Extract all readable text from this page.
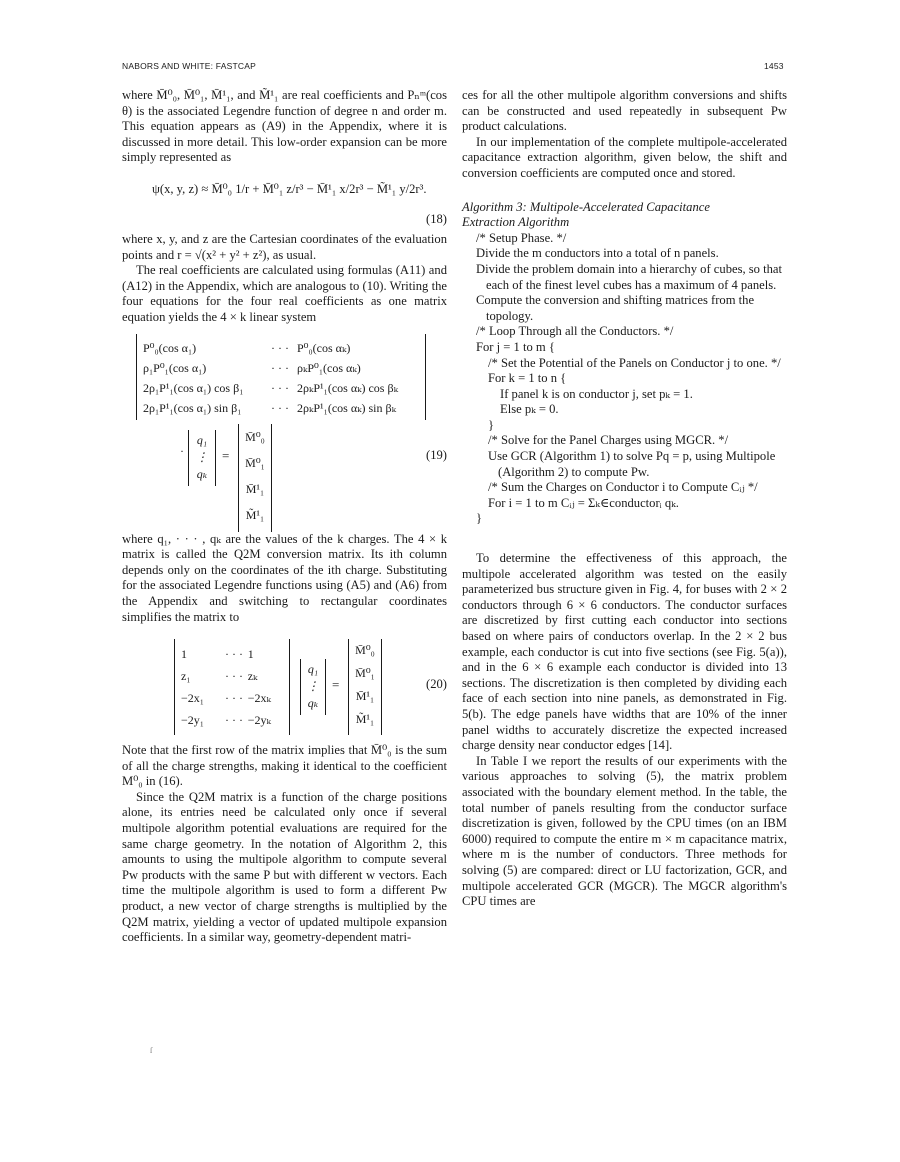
NABORS AND WHITE: FASTCAP	1453

where M̄⁰₀, M̄⁰₁, M̄¹₁, and M̃¹₁ are real coefficients and Pₙᵐ(cos θ) is the associated Legendre function of degree n and order m. This equation appears as (A9) in the Appendix, where it is discussed in more detail. This low-order expansion can be more simply represented as

ψ(x, y, z) ≈ M̄⁰₀ 1/r + M̄⁰₁ z/r³ − M̄¹₁ x/2r³ − M̃¹₁ y/2r³.
(18)

where x, y, and z are the Cartesian coordinates of the evaluation points and r = √(x² + y² + z²), as usual.

The real coefficients are calculated using formulas (A11) and (A12) in the Appendix, which are analogous to (10). Writing the four equations for the four real coefficients as one matrix equation yields the 4 × k linear system

P⁰₀(cos α₁)	· · · P⁰₀(cos αₖ)
ρ₁P⁰₁(cos α₁)	· · · ρₖP⁰₁(cos αₖ)
2ρ₁P¹₁(cos α₁) cos β₁	· · · 2ρₖP¹₁(cos αₖ) cos βₖ
2ρ₁P¹₁(cos α₁) sin β₁	· · · 2ρₖP¹₁(cos αₖ) sin βₖ
·
q₁
⋮
qₖ
=
M̄⁰₀
M̄⁰₁
M̄¹₁
M̃¹₁
(19)

where q₁, · · · , qₖ are the values of the k charges. The 4 × k matrix is called the Q2M conversion matrix. Its ith column depends only on the coordinates of the ith charge. Substituting for the associated Legendre functions using (A5) and (A6) from the Appendix and switching to rectangular coordinates simplifies the matrix to

1	· · · 1
z₁	· · · zₖ
−2x₁	· · · −2xₖ
−2y₁	· · · −2yₖ
q₁
⋮
qₖ
=
M̄⁰₀
M̄⁰₁
M̄¹₁
M̃¹₁
(20)

Note that the first row of the matrix implies that M̄⁰₀ is the sum of all the charge strengths, making it identical to the coefficient M⁰₀ in (16).

Since the Q2M matrix is a function of the charge positions alone, its entries need be calculated only once if several multipole algorithm potential evaluations are required for the same charge geometry. In the notation of Algorithm 2, this amounts to using the multipole algorithm to compute several Pw products with the same P but with different w vectors. Each time the multipole algorithm is used to form a different Pw product, a new vector of charge strengths is multiplied by the Q2M matrix, yielding a vector of updated multipole expansion coefficients. In a similar way, geometry-dependent matri-

ces for all the other multipole algorithm conversions and shifts can be constructed and used repeatedly in subsequent Pw product calculations.

In our implementation of the complete multipole-accelerated capacitance extraction algorithm, given below, the shift and conversion coefficients are computed once and stored.

Algorithm 3: Multipole-Accelerated Capacitance
Extraction Algorithm
/* Setup Phase. */
Divide the m conductors into a total of n panels.
Divide the problem domain into a hierarchy of cubes, so that each of the finest level cubes has a maximum of 4 panels.
Compute the conversion and shifting matrices from the topology.
/* Loop Through all the Conductors. */
For j = 1 to m {
/* Set the Potential of the Panels on Conductor j to one. */
For k = 1 to n {
If panel k is on conductor j, set pₖ = 1.
Else pₖ = 0.
}
/* Solve for the Panel Charges using MGCR. */
Use GCR (Algorithm 1) to solve Pq = p, using Multipole (Algorithm 2) to compute Pw.
/* Sum the Charges on Conductor i to Compute Cᵢⱼ */
For i = 1 to m Cᵢⱼ = Σₖ∈conductorᵢ qₖ.
}

To determine the effectiveness of this approach, the multipole accelerated algorithm was tested on the easily parameterized bus structure given in Fig. 4, for buses with 2 × 2 conductors through 6 × 6 conductors. The conductor surfaces are discretized by first cutting each conductor into sections based on where pairs of conductors overlap. In the 2 × 2 bus example, each conductor is cut into five sections (see Fig. 5(a)), and in the 6 × 6 example each conductor is divided into 13 sections. The discretization is then completed by dividing each face of each section into nine panels, as demonstrated in Fig. 5(b). The edge panels have widths that are 10% of the inner panel widths to accurately discretize the expected increased charge density near conductor edges [14].

In Table I we report the results of our experiments with the various approaches to solving (5), the matrix problem associated with the boundary element method. In the table, the total number of panels resulting from the conductor surface discretization is given, followed by the CPU times (on an IBM 6000) required to compute the entire m × m capacitance matrix, where m is the number of conductors. Three methods for solving (5) are compared: direct or LU factorization, GCR, and multipole accelerated GCR (MGCR). The MGCR algorithm's CPU times are

ſ
